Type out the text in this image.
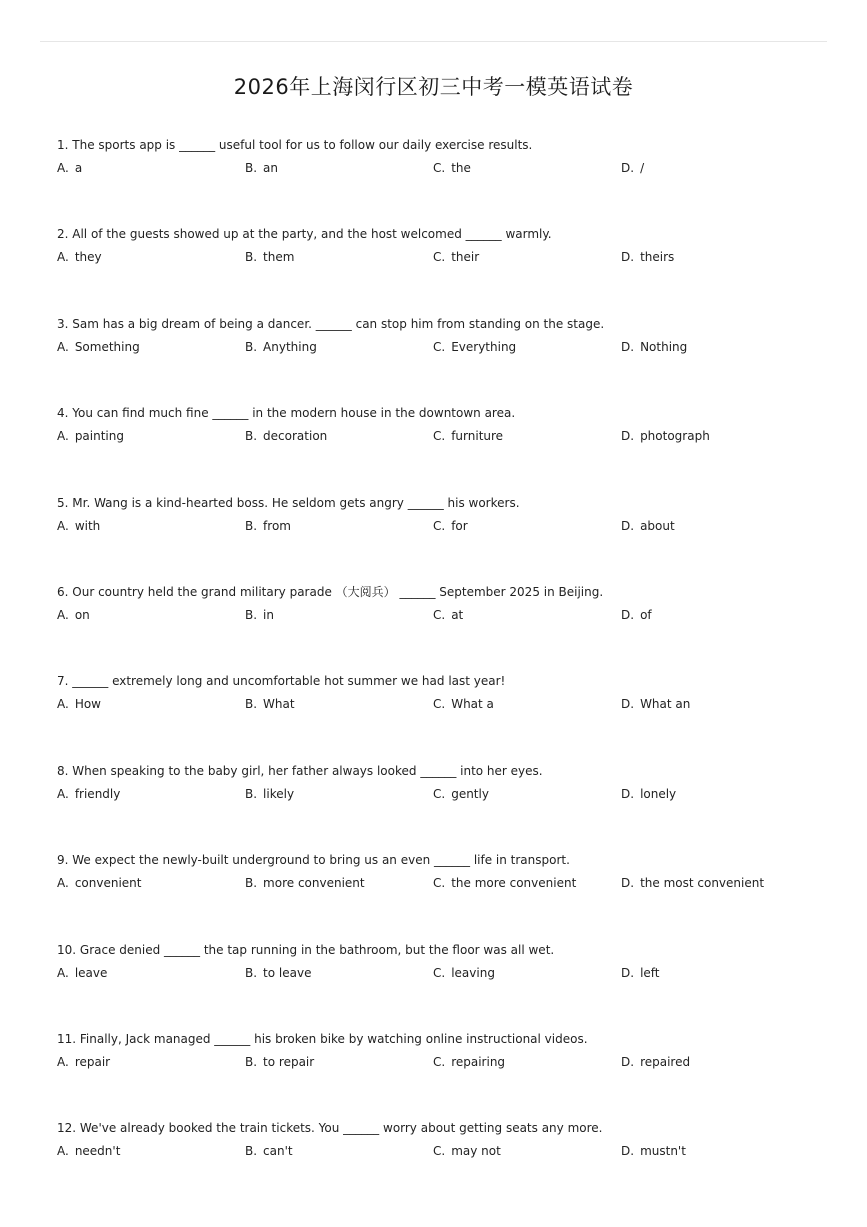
2026年上海闵行区初三中考一模英语试卷
1. The sports app is ______ useful tool for us to follow our daily exercise results.
A. a	B. an	C. the	D. /
2. All of the guests showed up at the party, and the host welcomed ______ warmly.
A. they	B. them	C. their	D. theirs
3. Sam has a big dream of being a dancer. ______ can stop him from standing on the stage.
A. Something	B. Anything	C. Everything	D. Nothing
4. You can find much fine ______ in the modern house in the downtown area.
A. painting	B. decoration	C. furniture	D. photograph
5. Mr. Wang is a kind-hearted boss. He seldom gets angry ______ his workers.
A. with	B. from	C. for	D. about
6. Our country held the grand military parade （大阅兵） ______ September 2025 in Beijing.
A. on	B. in	C. at	D. of
7. ______ extremely long and uncomfortable hot summer we had last year!
A. How	B. What	C. What a	D. What an
8. When speaking to the baby girl, her father always looked ______ into her eyes.
A. friendly	B. likely	C. gently	D. lonely
9. We expect the newly-built underground to bring us an even ______ life in transport.
A. convenient	B. more convenient	C. the more convenient	D. the most convenient
10. Grace denied ______ the tap running in the bathroom, but the floor was all wet.
A. leave	B. to leave	C. leaving	D. left
11. Finally, Jack managed ______ his broken bike by watching online instructional videos.
A. repair	B. to repair	C. repairing	D. repaired
12. We've already booked the train tickets. You ______ worry about getting seats any more.
A. needn't	B. can't	C. may not	D. mustn't
